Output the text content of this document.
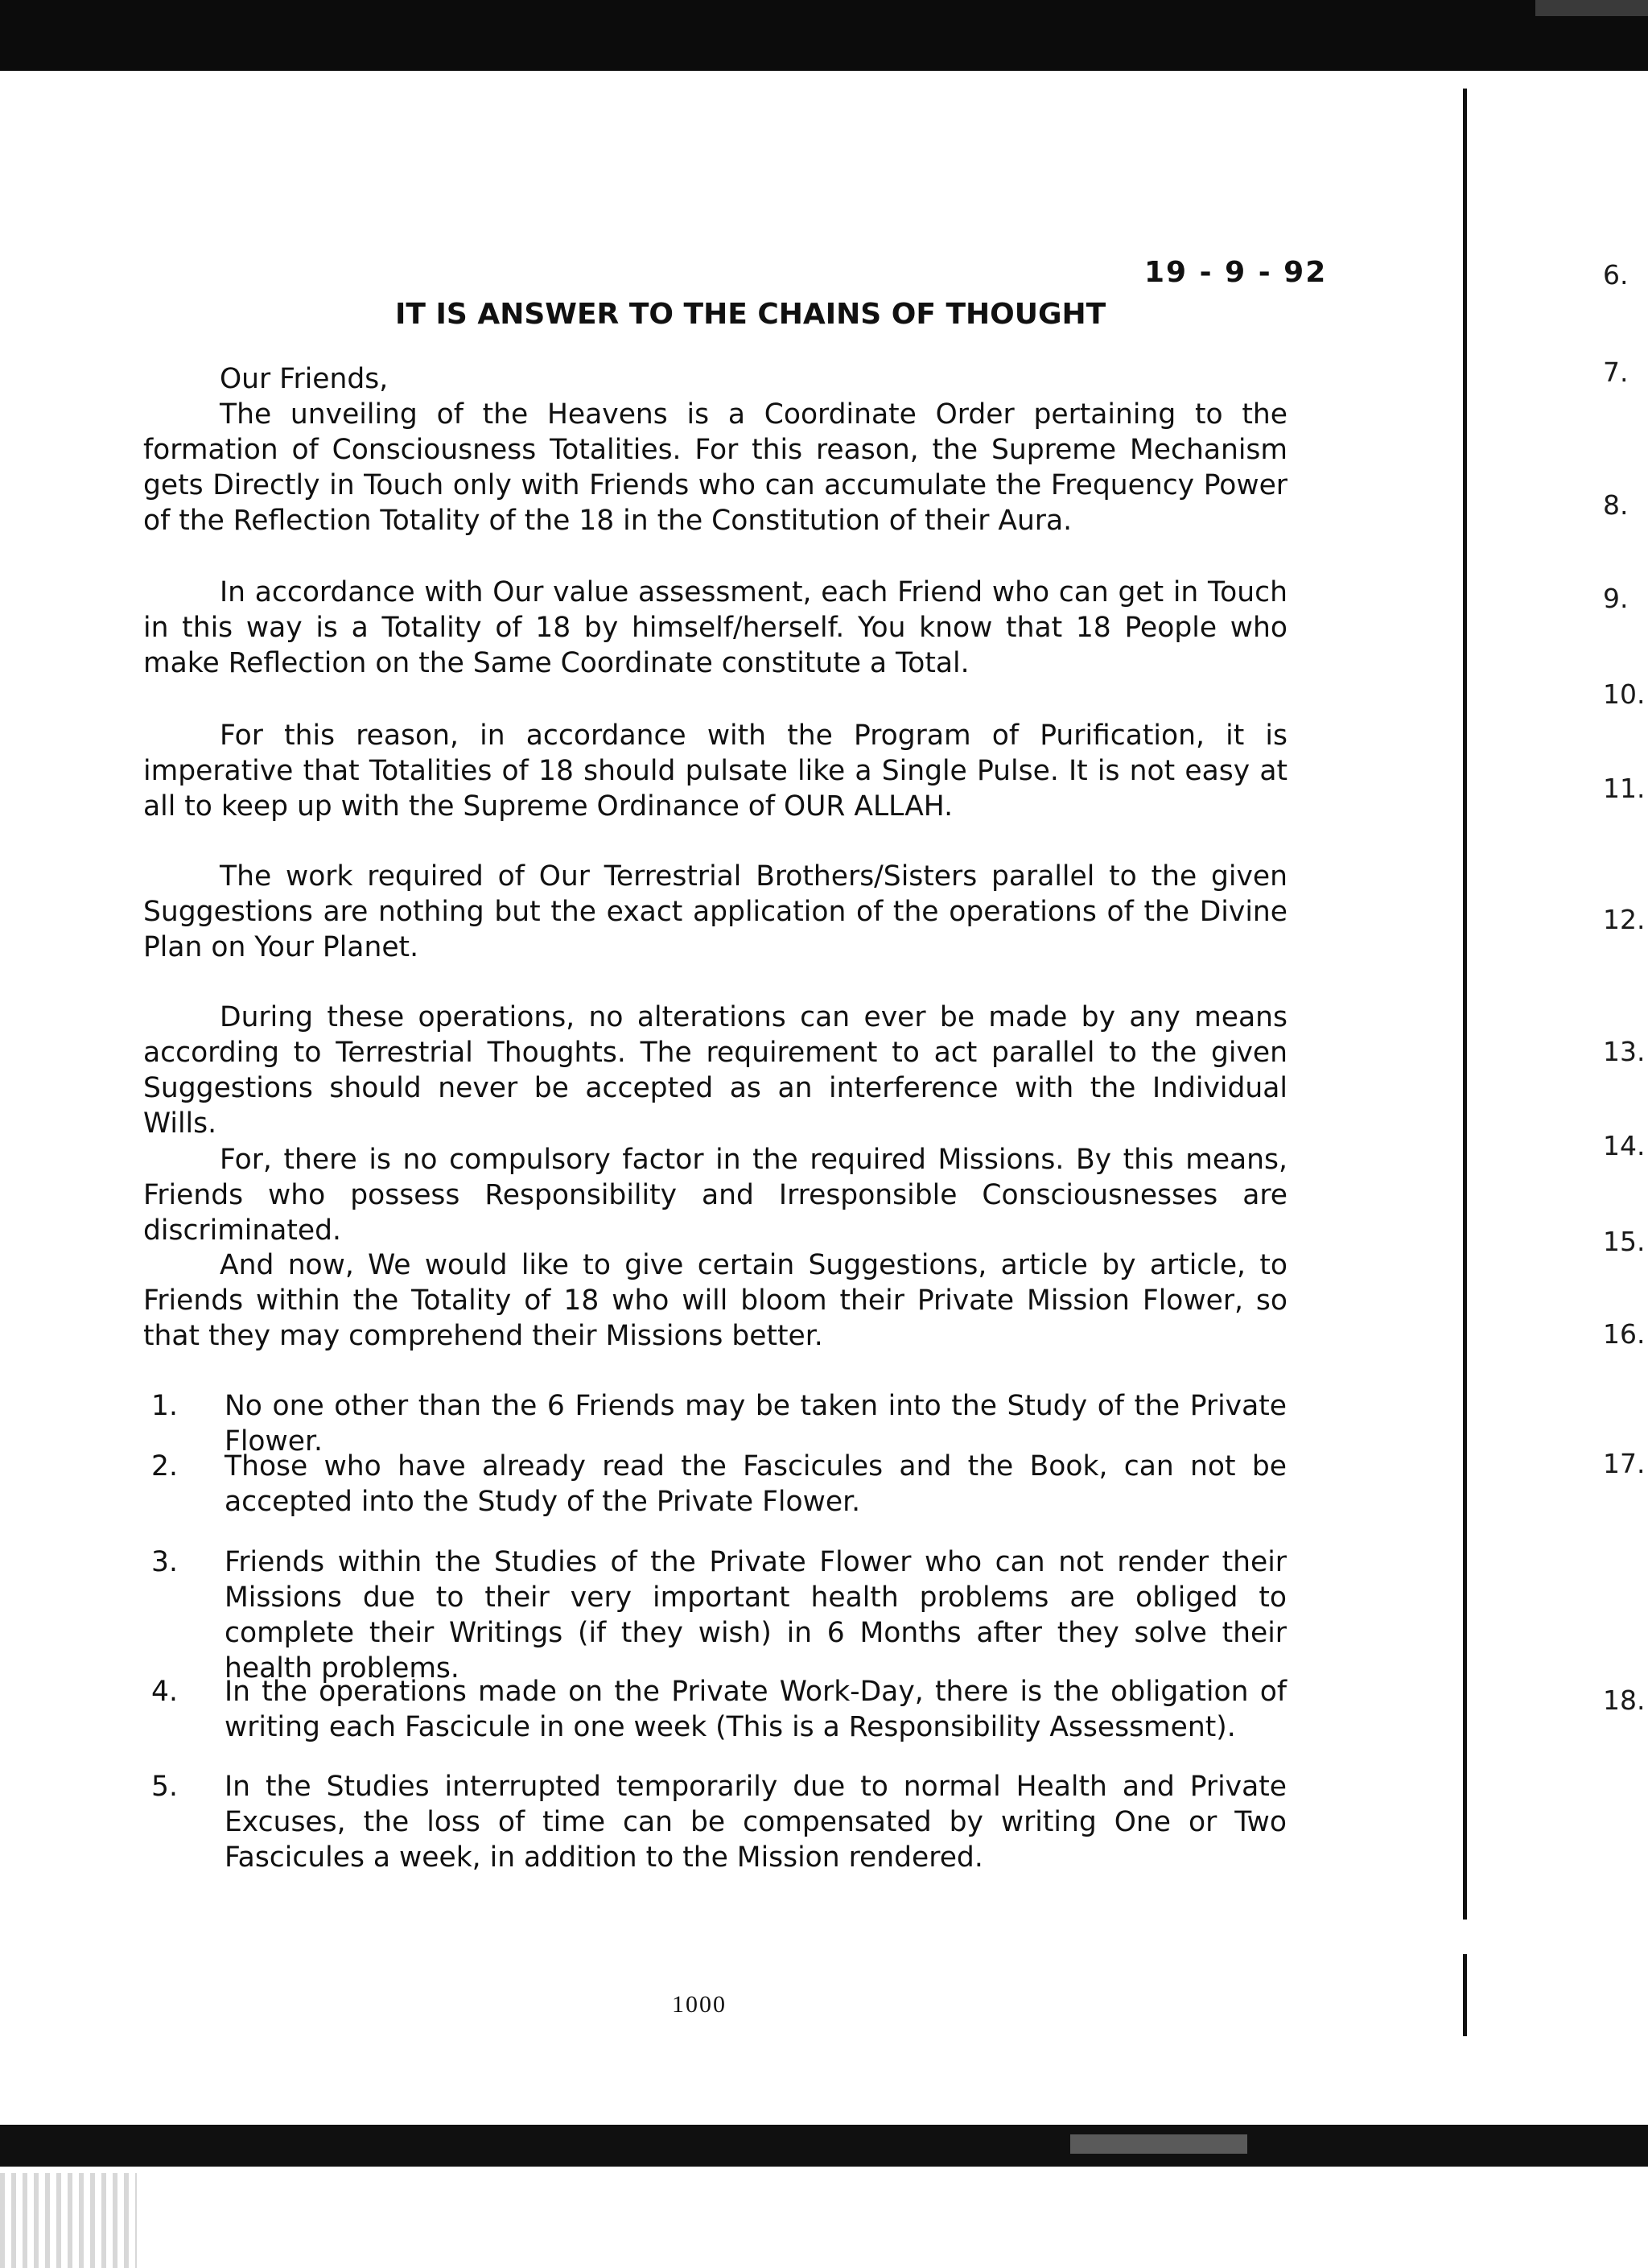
6.
7.
8.
9.
10.
11.
12.
13.
14.
15.
16.
17.
18.
19 - 9 - 92
IT IS ANSWER TO THE CHAINS OF THOUGHT
Our Friends,
The unveiling of the Heavens is a Coordinate Order pertaining to the formation of Consciousness Totalities. For this reason, the Supreme Mechanism gets Directly in Touch only with Friends who can accumulate the Frequency Power of the Reflection Totality of the 18 in the Constitution of their Aura.
In accordance with Our value assessment, each Friend who can get in Touch in this way is a Totality of 18 by himself/herself. You know that 18 People who make Reflection on the Same Coordinate constitute a Total.
For this reason, in accordance with the Program of Purification, it is imperative that Totalities of 18 should pulsate like a Single Pulse. It is not easy at all to keep up with the Supreme Ordinance of OUR ALLAH.
The work required of Our Terrestrial Brothers/Sisters parallel to the given Suggestions are nothing but the exact application of the operations of the Divine Plan on Your Planet.
During these operations, no alterations can ever be made by any means according to Terrestrial Thoughts. The requirement to act parallel to the given Suggestions should never be accepted as an interference with the Individual Wills.
For, there is no compulsory factor in the required Missions. By this means, Friends who possess Responsibility and Irresponsible Consciousnesses are discriminated.
And now, We would like to give certain Suggestions, article by article, to Friends within the Totality of 18 who will bloom their Private Mission Flower, so that they may comprehend their Missions better.
1. No one other than the 6 Friends may be taken into the Study of the Private Flower.
2. Those who have already read the Fascicules and the Book, can not be accepted into the Study of the Private Flower.
3. Friends within the Studies of the Private Flower who can not render their Missions due to their very important health problems are obliged to complete their Writings (if they wish) in 6 Months after they solve their health problems.
4. In the operations made on the Private Work-Day, there is the obligation of writing each Fascicule in one week (This is a Responsibility Assessment).
5. In the Studies interrupted temporarily due to normal Health and Private Excuses, the loss of time can be compensated by writing One or Two Fascicules a week, in addition to the Mission rendered.
1000
